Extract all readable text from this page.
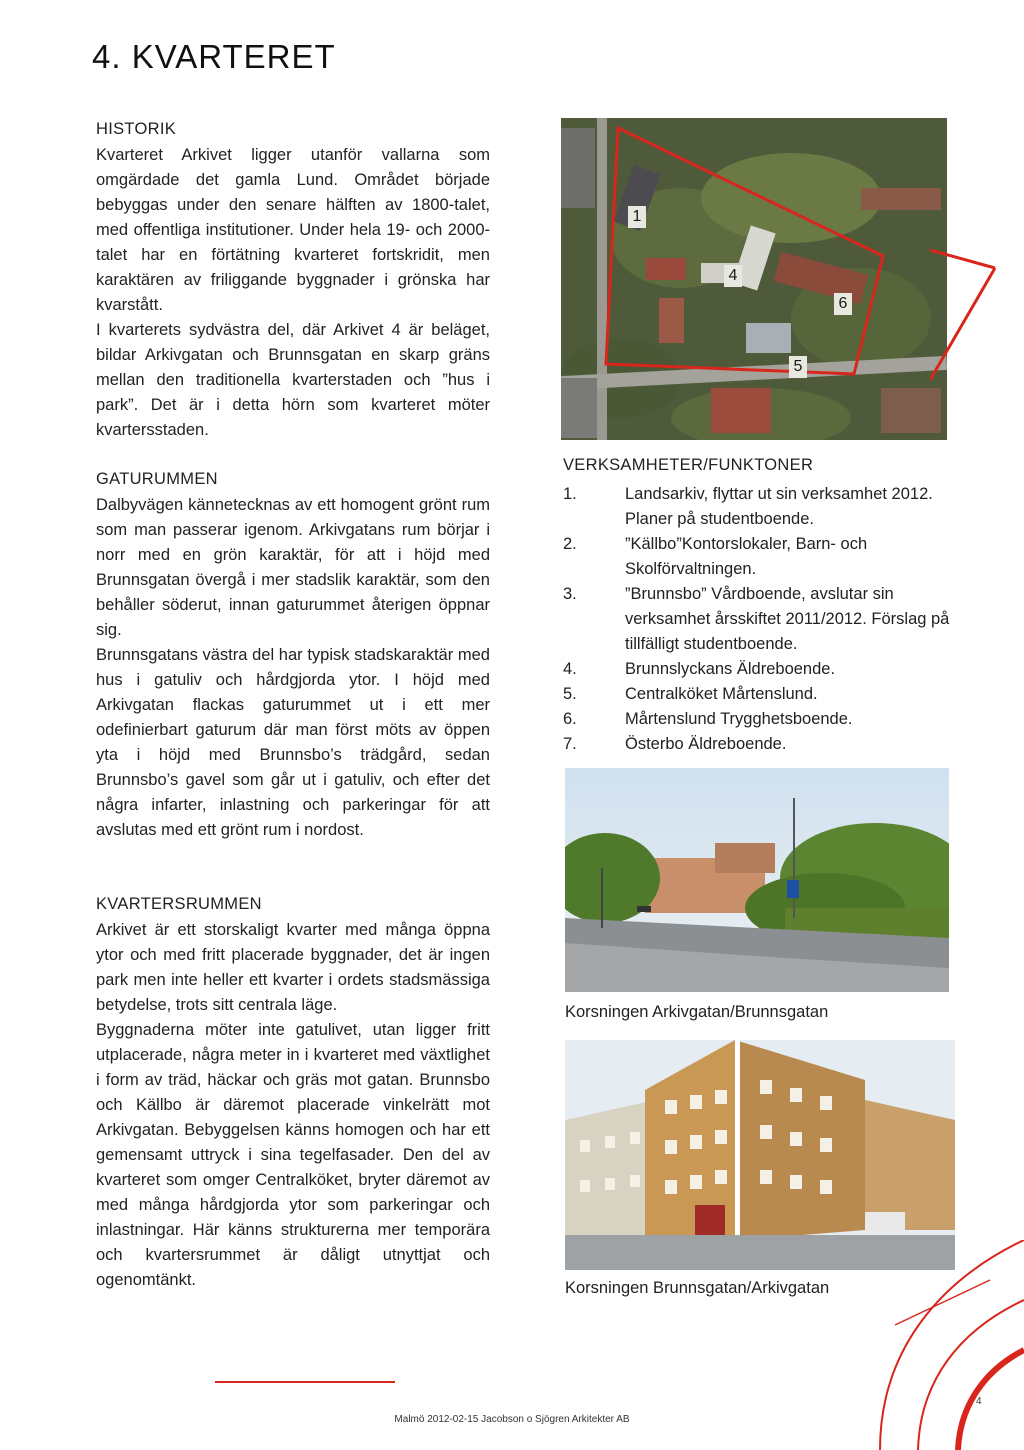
4. KVARTERET

HISTORIK

Kvarteret Arkivet ligger utanför vallarna som omgärdade det gamla Lund. Området började bebyggas under den senare hälften av 1800-talet, med offentliga institutioner. Under hela 19- och 2000-talet har en förtätning kvarteret fortskridit, men karaktären av friliggande byggnader i grönska har kvarstått.

I kvarterets sydvästra del, där Arkivet 4 är beläget, bildar Arkivgatan och Brunnsgatan en skarp gräns mellan den traditionella kvarterstaden och ”hus i park”. Det är i detta hörn som kvarteret möter kvartersstaden.

GATURUMMEN

Dalbyvägen kännetecknas av ett homogent grönt rum som man passerar igenom. Arkivgatans rum börjar i norr med en grön karaktär, för att i höjd med Brunnsgatan övergå i mer stadslik karaktär, som den behåller söderut, innan gaturummet återigen öppnar sig.

Brunnsgatans västra del har typisk stadskaraktär med hus i gatuliv och hårdgjorda ytor. I höjd med Arkivgatan flackas gaturummet ut i ett mer odefinierbart gaturum där man först möts av öppen yta i höjd med Brunnsbo’s trädgård, sedan Brunnsbo’s gavel som går ut i gatuliv, och efter det några infarter, inlastning och parkeringar för att avslutas med ett grönt rum i nordost.

KVARTERSRUMMEN

Arkivet är ett storskaligt kvarter med många öppna ytor och med fritt placerade byggnader, det är ingen park men inte heller ett kvarter i ordets stadsmässiga betydelse, trots sitt centrala läge.

Byggnaderna möter inte gatulivet, utan ligger fritt utplacerade, några meter in i kvarteret med växtlighet i form av träd, häckar och gräs mot gatan. Brunnsbo och Källbo är däremot placerade vinkelrätt mot Arkivgatan. Bebyggelsen känns homogen och har ett gemensamt uttryck i sina tegelfasader. Den del av kvarteret som omger Centralköket, bryter däremot av med många hårdgjorda ytor som parkeringar och inlastningar. Här känns strukturerna mer temporära och kvartersrummet är dåligt utnyttjat och ogenomtänkt.

1
4
5
6

VERKSAMHETER/FUNKTONER

1.	Landsarkiv, flyttar ut sin verksamhet 2012. Planer på studentboende.
2.	”Källbo”Kontorslokaler, Barn- och Skolförvaltningen.
3.	”Brunnsbo” Vårdboende, avslutar sin verksamhet årsskiftet 2011/2012. Förslag på tillfälligt studentboende.
4.	Brunnslyckans Äldreboende.
5.	Centralköket Mårtenslund.
6.	Mårtenslund Trygghetsboende.
7.	Österbo Äldreboende.

Korsningen Arkivgatan/Brunnsgatan

Korsningen Brunnsgatan/Arkivgatan

4
Malmö 2012-02-15 Jacobson o Sjögren Arkitekter AB
